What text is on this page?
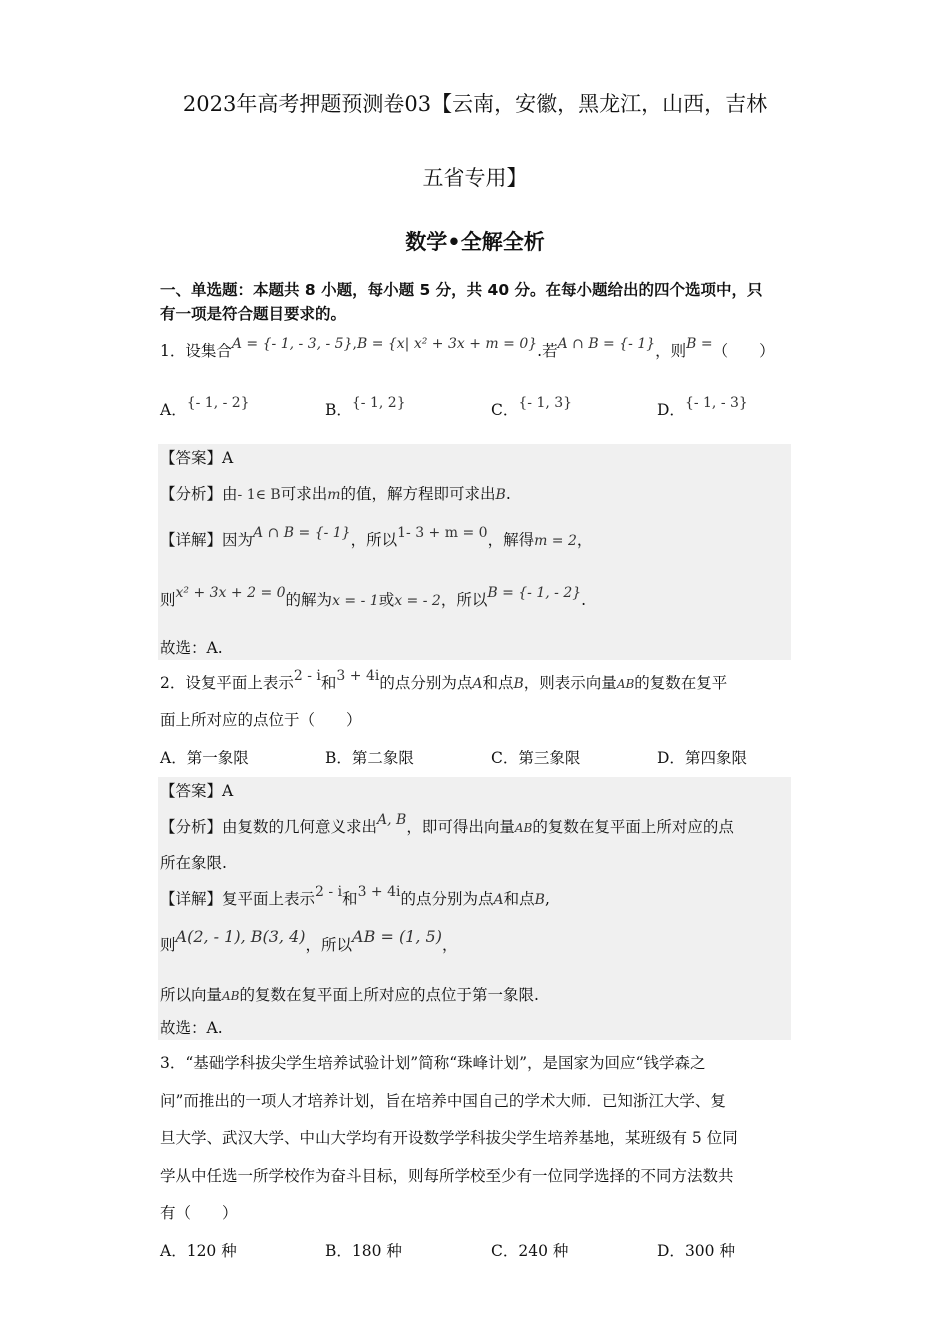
2023年高考押题预测卷03【云南，安徽，黑龙江，山西，吉林
五省专用】
数学•全解全析
一、单选题：本题共 8 小题，每小题 5 分，共 40 分。在每小题给出的四个选项中，只
有一项是符合题目要求的。
1．设集合A = {- 1, - 3, - 5},B = {x| x² + 3x + m = 0}.若A ∩ B = {- 1}，则B =（　　）
A．{- 1, - 2}	B．{- 1, 2}	C．{- 1, 3}	D．{- 1, - 3}
【答案】A
【分析】由- 1∈ B可求出m的值，解方程即可求出B.
【详解】因为A ∩ B = {- 1}，所以1- 3 + m = 0，解得m = 2，
则x² + 3x + 2 = 0的解为x = - 1或x = - 2，所以B = {- 1, - 2}.
故选：A.
2．设复平面上表示2 - i和3 + 4i的点分别为点A和点B，则表示向量AB的复数在复平
面上所对应的点位于（　　）
A．第一象限	B．第二象限	C．第三象限	D．第四象限
【答案】A
【分析】由复数的几何意义求出A, B，即可得出向量AB的复数在复平面上所对应的点
所在象限.
【详解】复平面上表示2 - i和3 + 4i的点分别为点A和点B,
则A(2, - 1), B(3, 4)，所以AB = (1, 5)，
所以向量AB的复数在复平面上所对应的点位于第一象限.
故选：A.
3．“基础学科拔尖学生培养试验计划”简称“珠峰计划”，是国家为回应“钱学森之
问”而推出的一项人才培养计划，旨在培养中国自己的学术大师．已知浙江大学、复
旦大学、武汉大学、中山大学均有开设数学学科拔尖学生培养基地，某班级有 5 位同
学从中任选一所学校作为奋斗目标，则每所学校至少有一位同学选择的不同方法数共
有（　　）
A．120 种	B．180 种	C．240 种	D．300 种
